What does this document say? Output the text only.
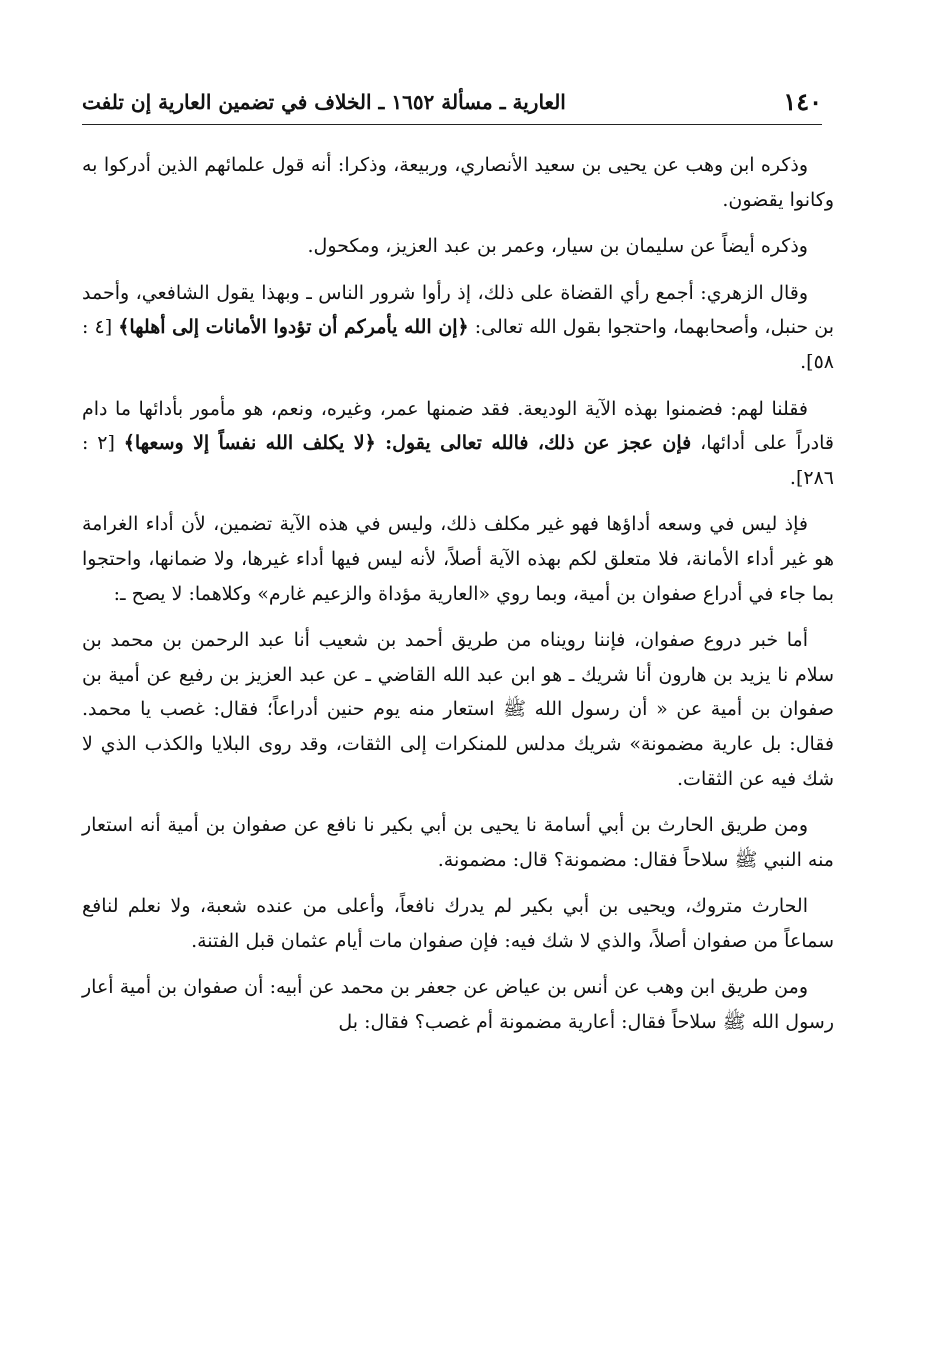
١٤٠
العارية ـ مسألة ١٦٥٢ ـ الخلاف في تضمين العارية إن تلفت

وذكره ابن وهب عن يحيى بن سعيد الأنصاري، وربيعة، وذكرا: أنه قول علمائهم الذين أدركوا به وكانوا يقضون.

وذكره أيضاً عن سليمان بن سيار، وعمر بن عبد العزيز، ومكحول.

وقال الزهري: أجمع رأي القضاة على ذلك، إذ رأوا شرور الناس ـ وبهذا يقول الشافعي، وأحمد بن حنبل، وأصحابهما، واحتجوا بقول الله تعالى: ﴿إن الله يأمركم أن تؤدوا الأمانات إلى أهلها﴾ [٤ : ٥٨].

فقلنا لهم: فضمنوا بهذه الآية الوديعة. فقد ضمنها عمر، وغيره، ونعم، هو مأمور بأدائها ما دام قادراً على أدائها، فإن عجز عن ذلك، فالله تعالى يقول: ﴿لا يكلف الله نفساً إلا وسعها﴾ [٢ : ٢٨٦].

فإذ ليس في وسعه أداؤها فهو غير مكلف ذلك، وليس في هذه الآية تضمين، لأن أداء الغرامة هو غير أداء الأمانة، فلا متعلق لكم بهذه الآية أصلاً، لأنه ليس فيها أداء غيرها، ولا ضمانها، واحتجوا بما جاء في أدراع صفوان بن أمية، وبما روي «العارية مؤداة والزعيم غارم» وكلاهما: لا يصح ـ:

أما خبر دروع صفوان، فإننا رويناه من طريق أحمد بن شعيب أنا عبد الرحمن بن محمد بن سلام نا يزيد بن هارون أنا شريك ـ هو ابن عبد الله القاضي ـ عن عبد العزيز بن رفيع عن أمية بن صفوان بن أمية عن « أن رسول الله ﷺ استعار منه يوم حنين أدراعاً؛ فقال: غصب يا محمد. فقال: بل عارية مضمونة» شريك مدلس للمنكرات إلى الثقات، وقد روى البلايا والكذب الذي لا شك فيه عن الثقات.

ومن طريق الحارث بن أبي أسامة نا يحيى بن أبي بكير نا نافع عن صفوان بن أمية أنه استعار منه النبي ﷺ سلاحاً فقال: مضمونة؟ قال: مضمونة.

الحارث متروك، ويحيى بن أبي بكير لم يدرك نافعاً، وأعلى من عنده شعبة، ولا نعلم لنافع سماعاً من صفوان أصلاً، والذي لا شك فيه: فإن صفوان مات أيام عثمان قبل الفتنة.

ومن طريق ابن وهب عن أنس بن عياض عن جعفر بن محمد عن أبيه: أن صفوان بن أمية أعار رسول الله ﷺ سلاحاً فقال: أعارية مضمونة أم غصب؟ فقال: بل
